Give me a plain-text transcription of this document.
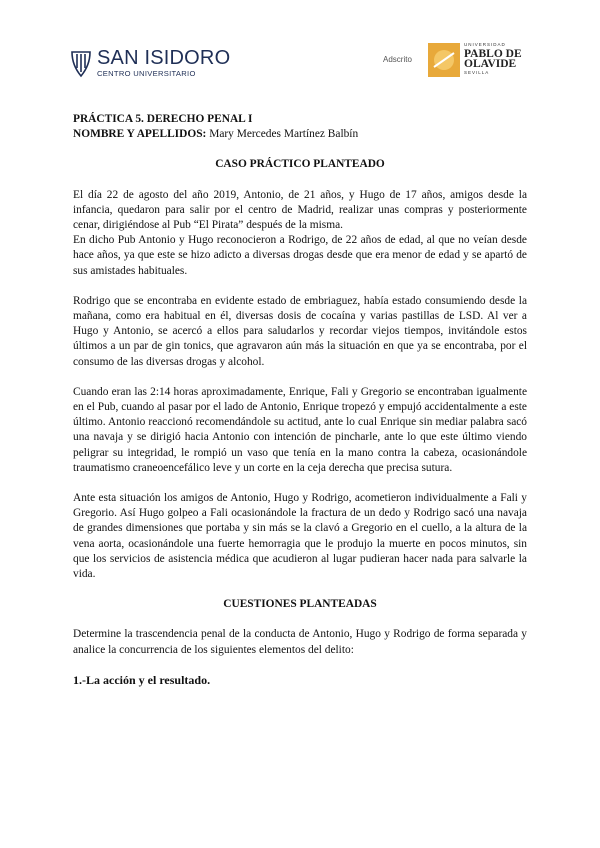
SAN ISIDORO
CENTRO UNIVERSITARIO
Adscrito
UNIVERSIDAD
PABLO DE
OLAVIDE
SEVILLA

PRÁCTICA 5. DERECHO PENAL I

NOMBRE Y APELLIDOS: Mary Mercedes Martínez Balbín

CASO PRÁCTICO PLANTEADO

El día 22 de agosto del año 2019, Antonio, de 21 años, y Hugo de 17 años, amigos desde la infancia, quedaron para salir por el centro de Madrid, realizar unas compras y posteriormente cenar, dirigiéndose al Pub “El Pirata” después de la misma.

En dicho Pub Antonio y Hugo reconocieron a Rodrigo, de 22 años de edad, al que no veían desde hace años, ya que este se hizo adicto a diversas drogas desde que era menor de edad y se apartó de sus amistades habituales.

Rodrigo que se encontraba en evidente estado de embriaguez, había estado consumiendo desde la mañana, como era habitual en él, diversas dosis de cocaína y varias pastillas de LSD. Al ver a Hugo y Antonio, se acercó a ellos para saludarlos y recordar viejos tiempos, invitándole estos últimos a un par de gin tonics, que agravaron aún más la situación en que ya se encontraba, por el consumo de las diversas drogas y alcohol.

Cuando eran las 2:14 horas aproximadamente, Enrique, Fali y Gregorio se encontraban igualmente en el Pub, cuando al pasar por el lado de Antonio, Enrique tropezó y empujó accidentalmente a este último. Antonio reaccionó recomendándole su actitud, ante lo cual Enrique sin mediar palabra sacó una navaja y se dirigió hacia Antonio con intención de pincharle, ante lo que este último viendo peligrar su integridad, le rompió un vaso que tenía en la mano contra la cabeza, ocasionándole traumatismo craneoencefálico leve y un corte en la ceja derecha que precisa sutura.

Ante esta situación los amigos de Antonio, Hugo y Rodrigo, acometieron individualmente a Fali y Gregorio. Así Hugo golpeo a Fali ocasionándole la fractura de un dedo y Rodrigo sacó una navaja de grandes dimensiones que portaba y sin más se la clavó a Gregorio en el cuello, a la altura de la vena aorta, ocasionándole una fuerte hemorragia que le produjo la muerte en pocos minutos, sin que los servicios de asistencia médica que acudieron al lugar pudieran hacer nada para salvarle la vida.

CUESTIONES PLANTEADAS

Determine la trascendencia penal de la conducta de Antonio, Hugo y Rodrigo de forma separada y analice la concurrencia de los siguientes elementos del delito:

1.-La acción y el resultado.
